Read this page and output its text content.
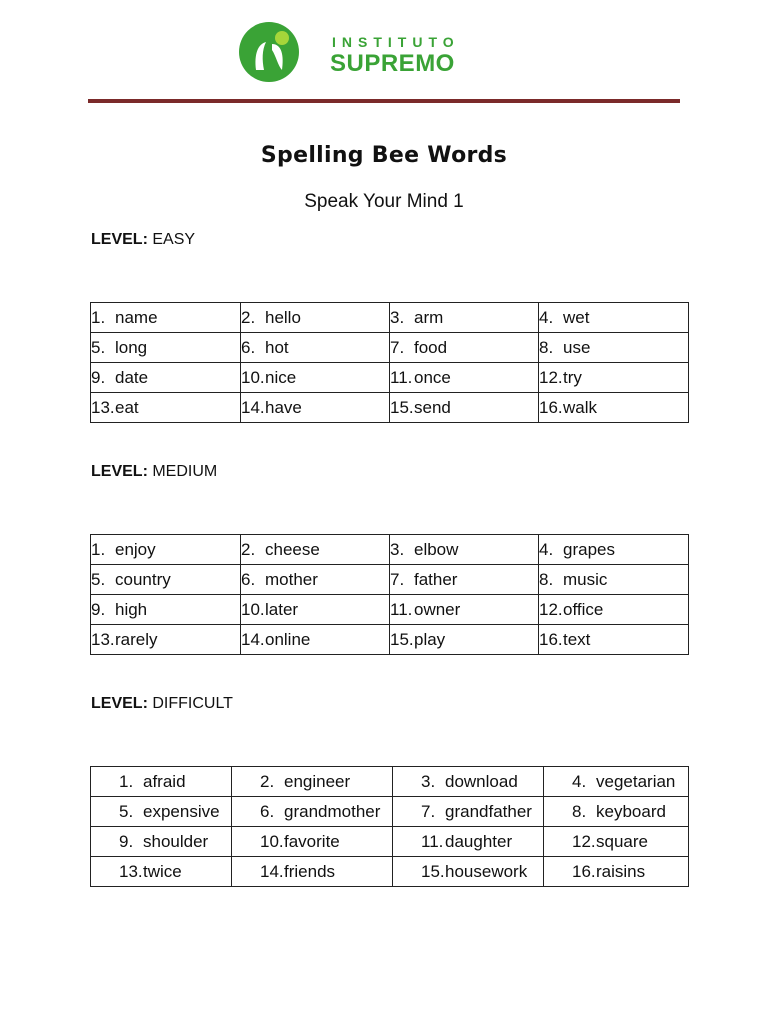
INSTITUTO
SUPREMO
Spelling Bee Words
Speak Your Mind 1
LEVEL: EASY
1. name	2. hello	3. arm	4. wet
5. long	6. hot	7. food	8. use
9. date	10.nice	11.once	12.try
13.eat	14.have	15.send	16.walk
LEVEL: MEDIUM
1. enjoy	2. cheese	3. elbow	4. grapes
5. country	6. mother	7. father	8. music
9. high	10.later	11.owner	12.office
13.rarely	14.online	15.play	16.text
LEVEL: DIFFICULT
1. afraid	2. engineer	3. download	4. vegetarian
5. expensive	6. grandmother	7. grandfather	8. keyboard
9. shoulder	10.favorite	11.daughter	12.square
13.twice	14.friends	15.housework	16.raisins
